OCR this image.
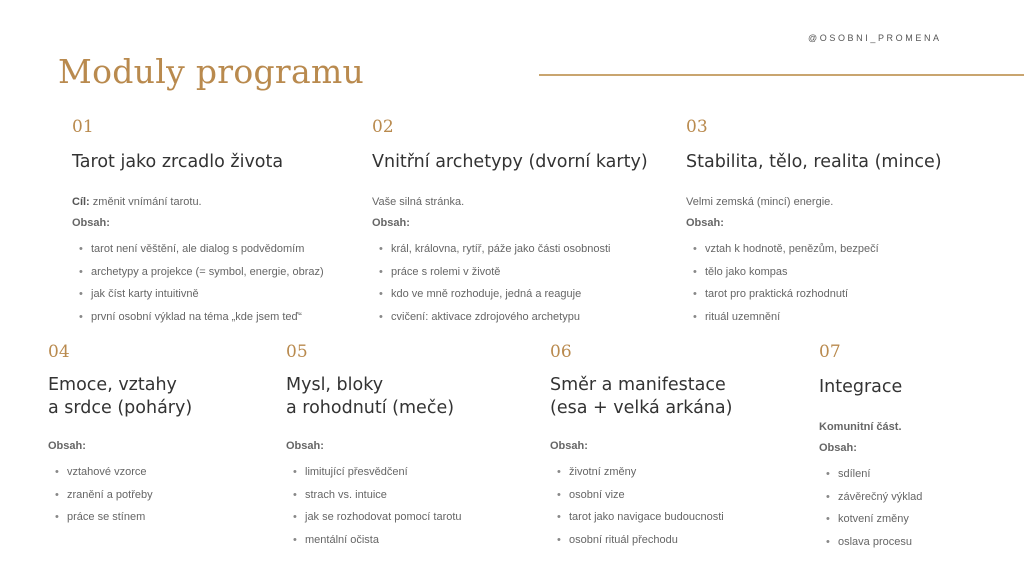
@OSOBNI_PROMENA
Moduly programu
01
Tarot jako zrcadlo života
Cíl: změnit vnímání tarotu.
Obsah:
• tarot není věštění, ale dialog s podvědomím
• archetypy a projekce (= symbol, energie, obraz)
• jak číst karty intuitivně
• první osobní výklad na téma „kde jsem teď“
02
Vnitřní archetypy (dvorní karty)
Vaše silná stránka.
Obsah:
• král, královna, rytíř, páže jako části osobnosti
• práce s rolemi v životě
• kdo ve mně rozhoduje, jedná a reaguje
• cvičení: aktivace zdrojového archetypu
03
Stabilita, tělo, realita (mince)
Velmi zemská (mincí) energie.
Obsah:
• vztah k hodnotě, penězům, bezpečí
• tělo jako kompas
• tarot pro praktická rozhodnutí
• rituál uzemnění
04
Emoce, vztahy
a srdce (poháry)
Obsah:
• vztahové vzorce
• zranění a potřeby
• práce se stínem
05
Mysl, bloky
a rohodnutí (meče)
Obsah:
• limitující přesvědčení
• strach vs. intuice
• jak se rozhodovat pomocí tarotu
• mentální očista
06
Směr a manifestace
(esa + velká arkána)
Obsah:
• životní změny
• osobní vize
• tarot jako navigace budoucnosti
• osobní rituál přechodu
07
Integrace
Komunitní část.
Obsah:
• sdílení
• závěrečný výklad
• kotvení změny
• oslava procesu
